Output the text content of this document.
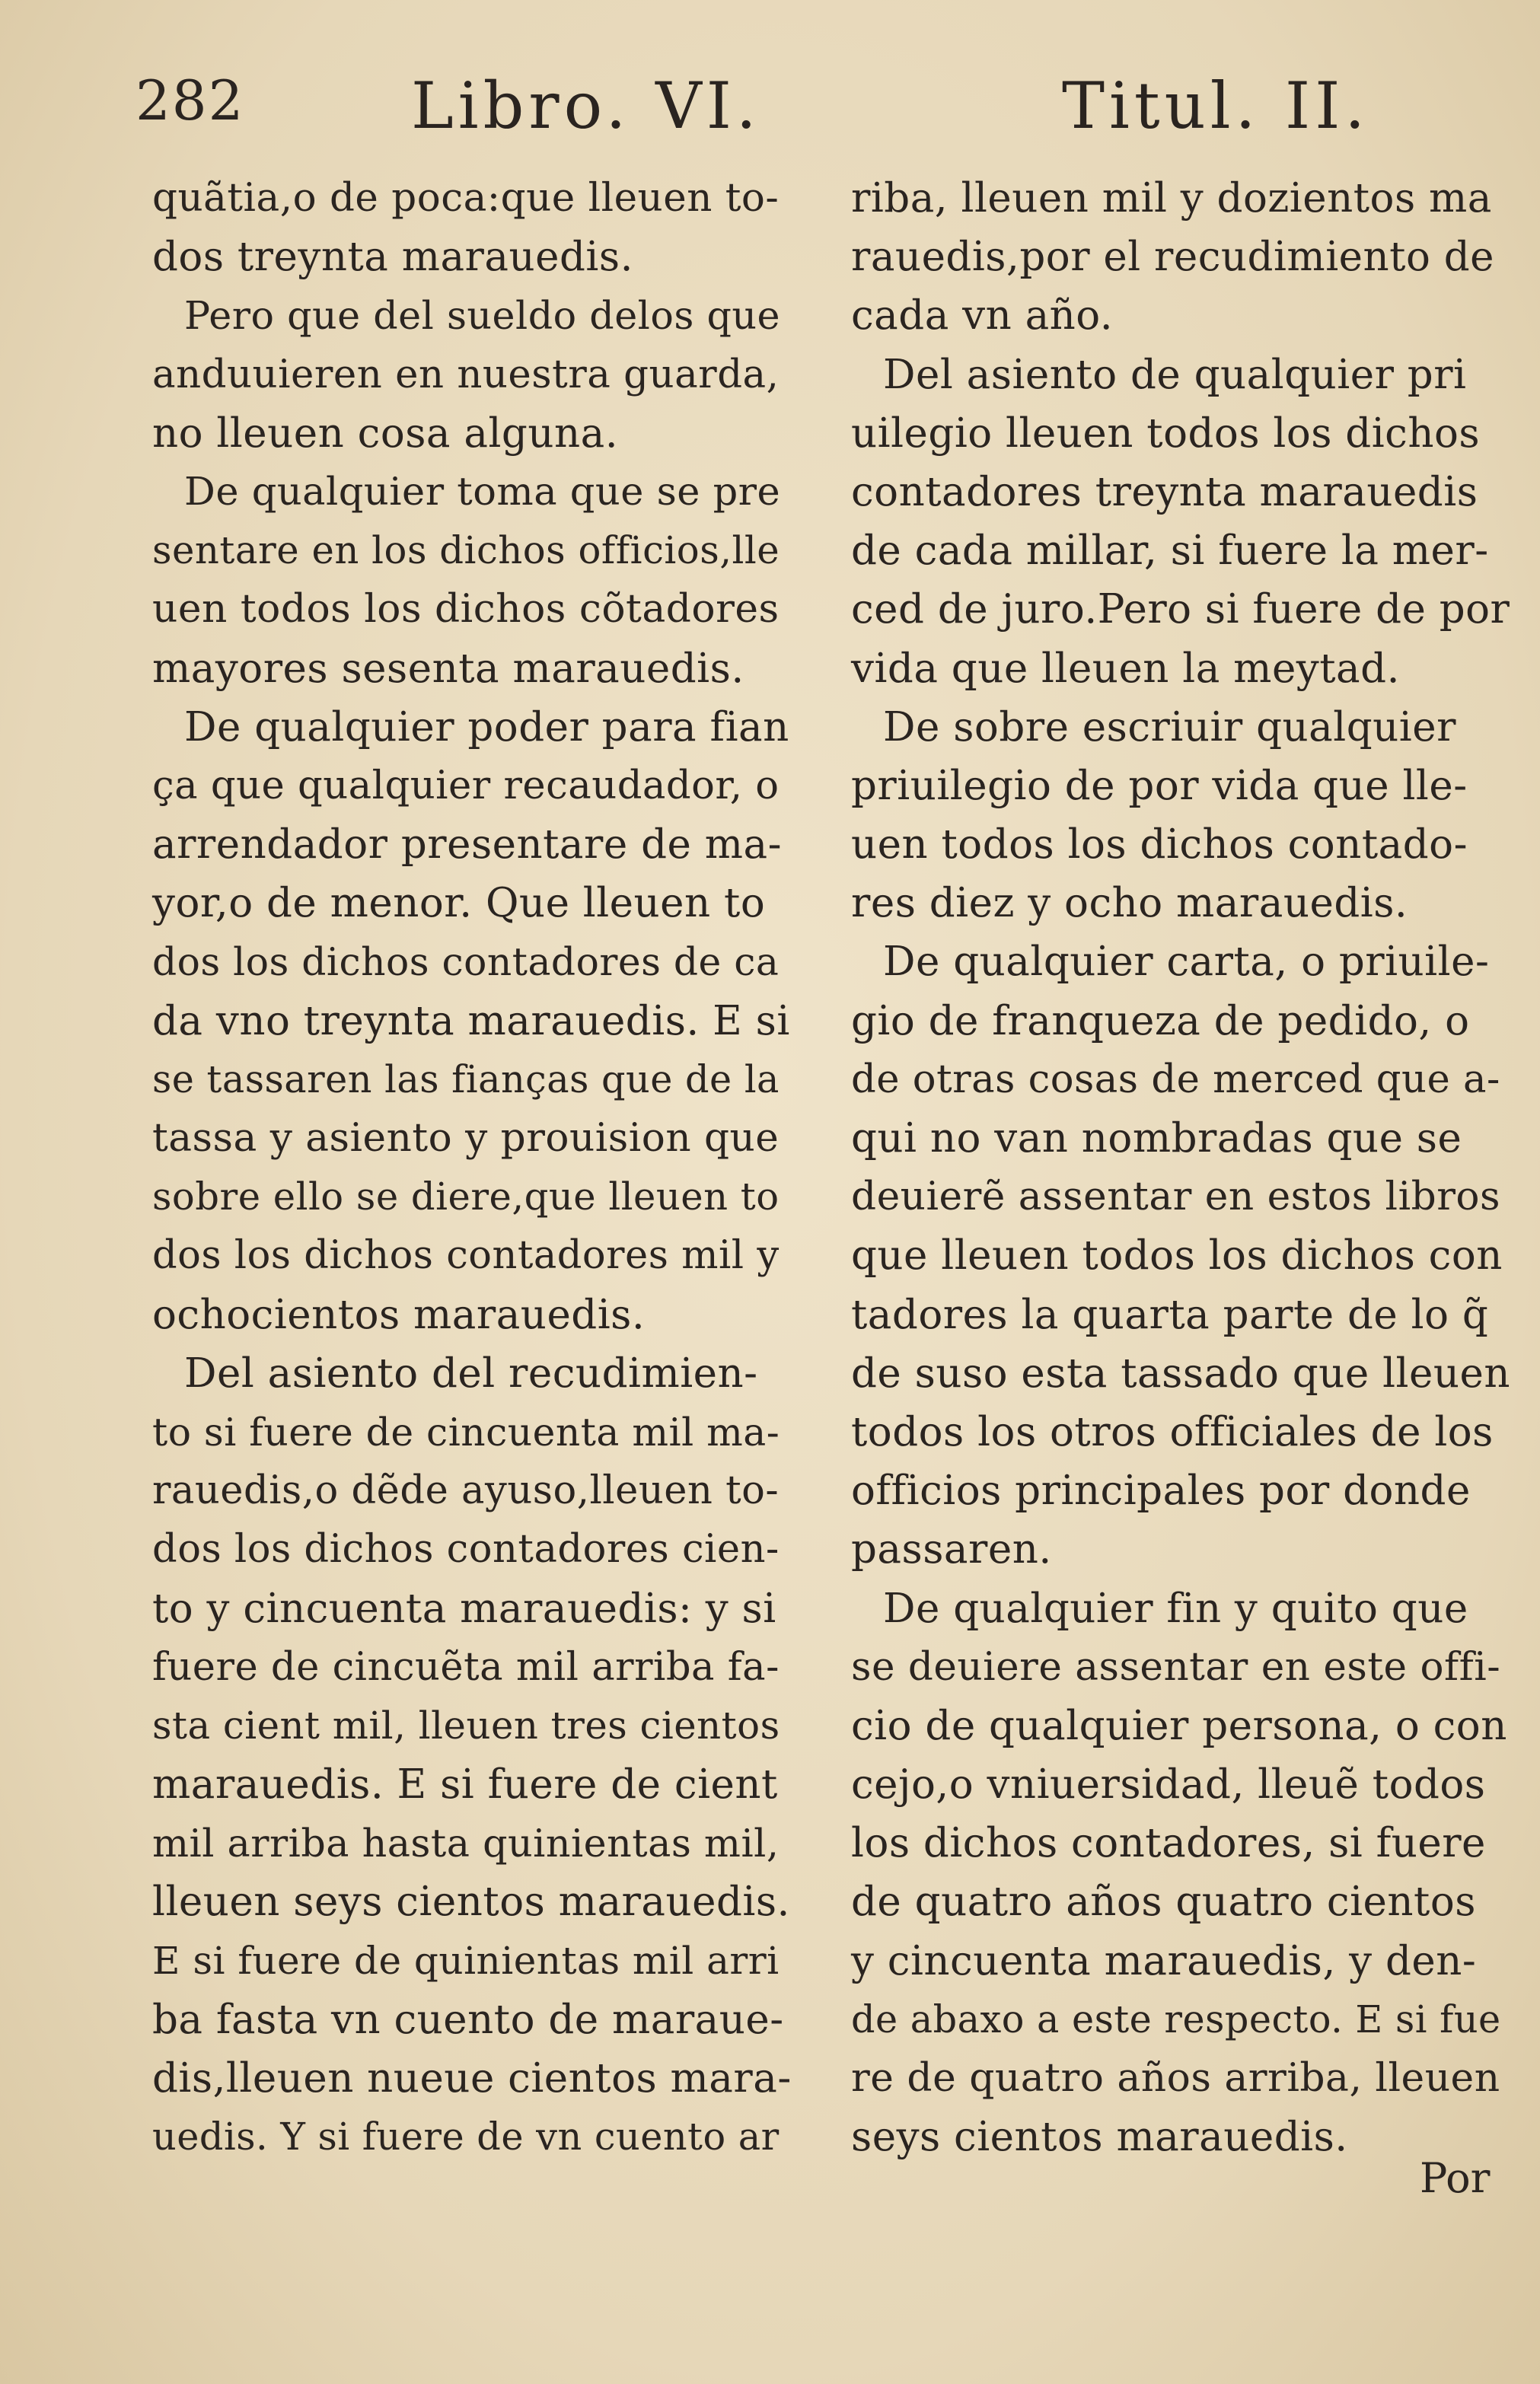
282	Libro. VI.	Titul. II.
quãtia,o de poca:que lleuen to-
dos treynta marauedis.
Pero que del sueldo delos que
anduuieren en nuestra guarda,
no lleuen cosa alguna.
De qualquier toma que se pre
sentare en los dichos officios,lle
uen todos los dichos cõtadores
mayores sesenta marauedis.
De qualquier poder para fian
ça que qualquier recaudador, o
arrendador presentare de ma-
yor,o de menor. Que lleuen to
dos los dichos contadores de ca
da vno treynta marauedis. E si
se tassaren las fianças que de la
tassa y asiento y prouision que
sobre ello se diere,que lleuen to
dos los dichos contadores mil y
ochocientos marauedis.
Del asiento del recudimien-
to si fuere de cincuenta mil ma-
rauedis,o dẽde ayuso,lleuen to-
dos los dichos contadores cien-
to y cincuenta marauedis: y si
fuere de cincuẽta mil arriba fa-
sta cient mil, lleuen tres cientos
marauedis. E si fuere de cient
mil arriba hasta quinientas mil,
lleuen seys cientos marauedis.
E si fuere de quinientas mil arri
ba fasta vn cuento de maraue-
dis,lleuen nueue cientos mara-
uedis. Y si fuere de vn cuento ar
riba, lleuen mil y dozientos ma
rauedis,por el recudimiento de
cada vn año.
Del asiento de qualquier pri
uilegio lleuen todos los dichos
contadores treynta marauedis
de cada millar, si fuere la mer-
ced de juro.Pero si fuere de por
vida que lleuen la meytad.
De sobre escriuir qualquier
priuilegio de por vida que lle-
uen todos los dichos contado-
res diez y ocho marauedis.
De qualquier carta, o priuile-
gio de franqueza de pedido, o
de otras cosas de merced que a-
qui no van nombradas que se
deuierẽ assentar en estos libros
que lleuen todos los dichos con
tadores la quarta parte de lo q̃
de suso esta tassado que lleuen
todos los otros officiales de los
officios principales por donde
passaren.
De qualquier fin y quito que
se deuiere assentar en este offi-
cio de qualquier persona, o con
cejo,o vniuersidad, lleuẽ todos
los dichos contadores, si fuere
de quatro años quatro cientos
y cincuenta marauedis, y den-
de abaxo a este respecto. E si fue
re de quatro años arriba, lleuen
seys cientos marauedis.
Por
